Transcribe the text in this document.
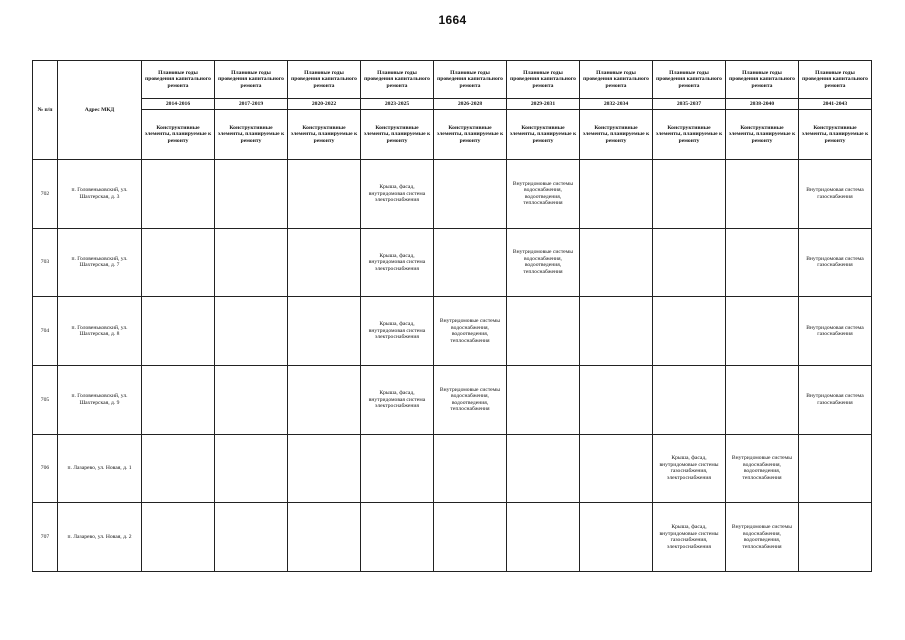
1664
№ п/п	Адрес МКД	Плановые годы проведения капитального ремонта	Плановые годы проведения капитального ремонта	Плановые годы проведения капитального ремонта	Плановые годы проведения капитального ремонта	Плановые годы проведения капитального ремонта	Плановые годы проведения капитального ремонта	Плановые годы проведения капитального ремонта	Плановые годы проведения капитального ремонта	Плановые годы проведения капитального ремонта	Плановые годы проведения капитального ремонта
		2014-2016	2017-2019	2020-2022	2023-2025	2026-2028	2029-2031	2032-2034	2035-2037	2038-2040	2041-2043
		Конструктивные элементы, планируемые к ремонту	Конструктивные элементы, планируемые к ремонту	Конструктивные элементы, планируемые к ремонту	Конструктивные элементы, планируемые к ремонту	Конструктивные элементы, планируемые к ремонту	Конструктивные элементы, планируемые к ремонту	Конструктивные элементы, планируемые к ремонту	Конструктивные элементы, планируемые к ремонту	Конструктивные элементы, планируемые к ремонту	Конструктивные элементы, планируемые к ремонту
702	п. Головеньковский, ул. Шахтерская, д. 3				Крыша, фасад, внутридомовая система электроснабжения		Внутридомовые системы водоснабжения, водоотведения, теплоснабжения				Внутридомовая система газоснабжения
703	п. Головеньковский, ул. Шахтерская, д. 7				Крыша, фасад, внутридомовая система электроснабжения		Внутридомовые системы водоснабжения, водоотведения, теплоснабжения				Внутридомовая система газоснабжения
704	п. Головеньковский, ул. Шахтерская, д. 8				Крыша, фасад, внутридомовая система электроснабжения	Внутридомовые системы водоснабжения, водоотведения, теплоснабжения					Внутридомовая система газоснабжения
705	п. Головеньковский, ул. Шахтерская, д. 9				Крыша, фасад, внутридомовая система электроснабжения	Внутридомовые системы водоснабжения, водоотведения, теплоснабжения					Внутридомовая система газоснабжения
706	п. Лазарево, ул. Новая, д. 1								Крыша, фасад, внутридомовые системы газоснабжения, электроснабжения	Внутридомовые системы водоснабжения, водоотведения, теплоснабжения	
707	п. Лазарево, ул. Новая, д. 2								Крыша, фасад, внутридомовые системы газоснабжения, электроснабжения	Внутридомовые системы водоснабжения, водоотведения, теплоснабжения	
